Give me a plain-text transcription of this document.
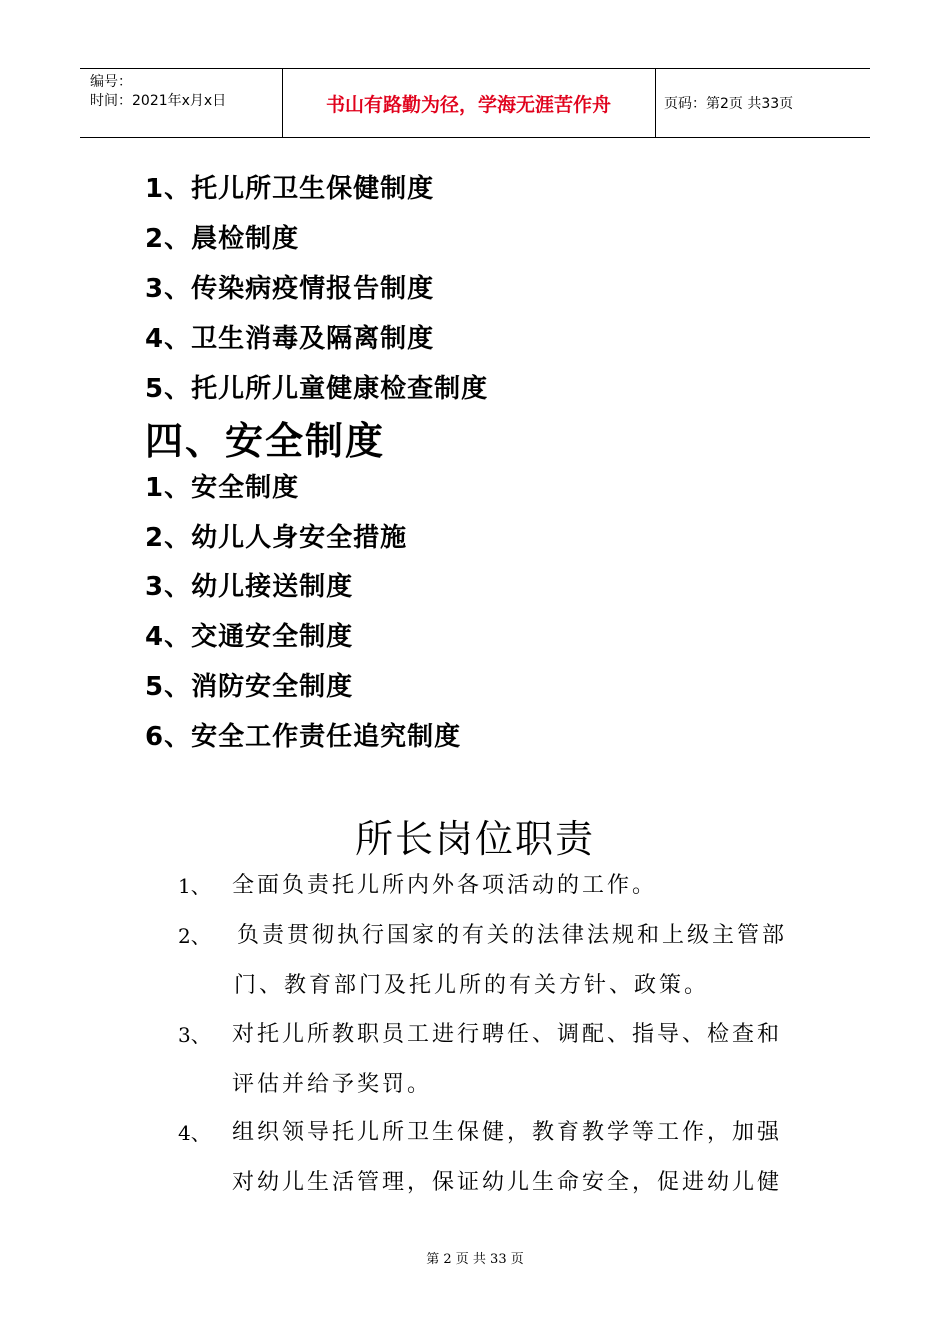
编号：
时间：2021年x月x日	书山有路勤为径，学海无涯苦作舟	页码：第2页 共33页
1、托儿所卫生保健制度
2、晨检制度
3、传染病疫情报告制度
4、卫生消毒及隔离制度
5、托儿所儿童健康检查制度
四、安全制度
1、安全制度
2、幼儿人身安全措施
3、幼儿接送制度
4、交通安全制度
5、消防安全制度
6、安全工作责任追究制度
所长岗位职责
1、 全面负责托儿所内外各项活动的工作。
2、 负责贯彻执行国家的有关的法律法规和上级主管部
门、教育部门及托儿所的有关方针、政策。
3、 对托儿所教职员工进行聘任、调配、指导、检查和
评估并给予奖罚。
4、 组织领导托儿所卫生保健，教育教学等工作，加强
对幼儿生活管理，保证幼儿生命安全，促进幼儿健
第 2 页 共 33 页
